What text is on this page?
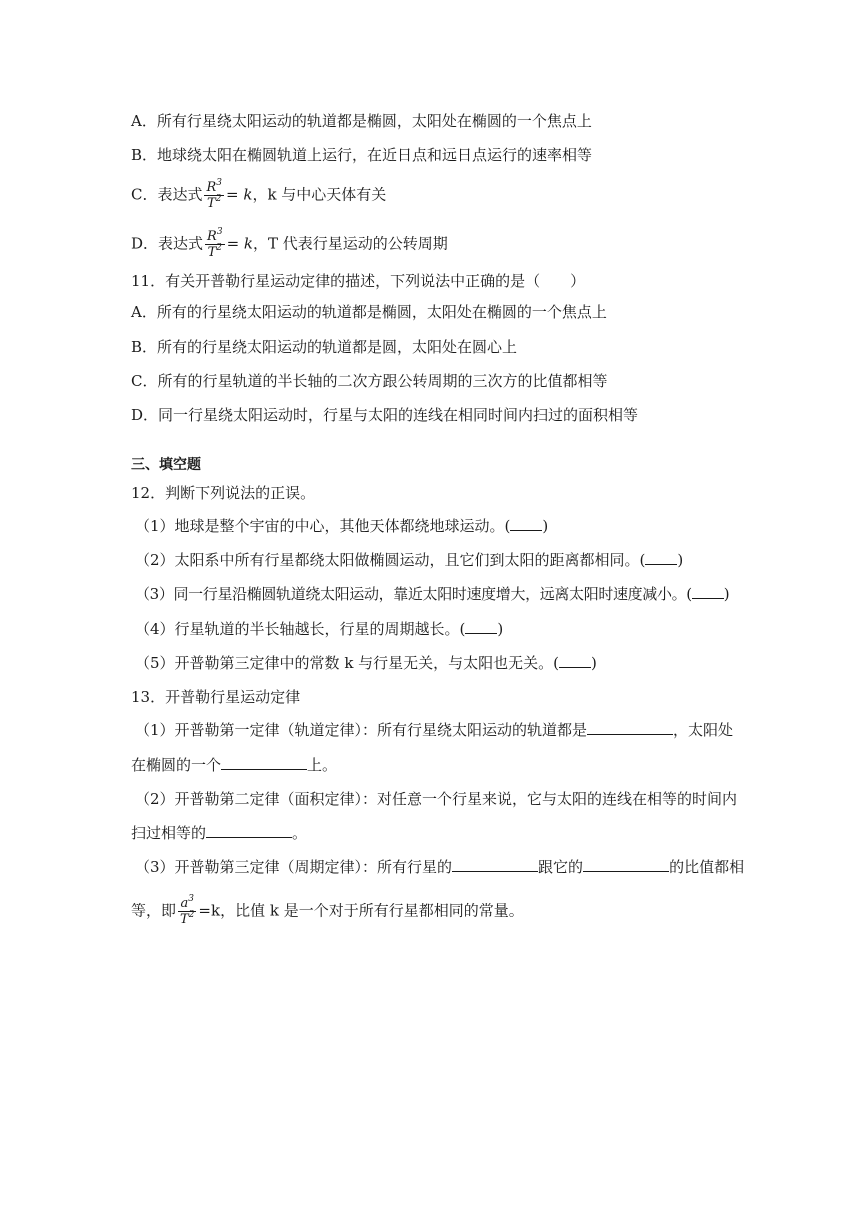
A．所有行星绕太阳运动的轨道都是椭圆，太阳处在椭圆的一个焦点上
B．地球绕太阳在椭圆轨道上运行，在近日点和远日点运行的速率相等
C．表达式 $\frac{R^3}{T^2} = k$，k 与中心天体有关
D．表达式 $\frac{R^3}{T^2} = k$，T 代表行星运动的公转周期
11．有关开普勒行星运动定律的描述，下列说法中正确的是（　　）
A．所有的行星绕太阳运动的轨道都是椭圆，太阳处在椭圆的一个焦点上
B．所有的行星绕太阳运动的轨道都是圆，太阳处在圆心上
C．所有的行星轨道的半长轴的二次方跟公转周期的三次方的比值都相等
D．同一行星绕太阳运动时，行星与太阳的连线在相同时间内扫过的面积相等
三、填空题
12．判断下列说法的正误。
（1）地球是整个宇宙的中心，其他天体都绕地球运动。( )
（2）太阳系中所有行星都绕太阳做椭圆运动，且它们到太阳的距离都相同。( )
（3）同一行星沿椭圆轨道绕太阳运动，靠近太阳时速度增大，远离太阳时速度减小。( )
（4）行星轨道的半长轴越长，行星的周期越长。( )
（5）开普勒第三定律中的常数 k 与行星无关，与太阳也无关。( )
13．开普勒行星运动定律
（1）开普勒第一定律（轨道定律）：所有行星绕太阳运动的轨道都是	，太阳处
在椭圆的一个	上。
（2）开普勒第二定律（面积定律）：对任意一个行星来说，它与太阳的连线在相等的时间内
扫过相等的	。
（3）开普勒第三定律（周期定律）：所有行星的	跟它的	的比值都相
等，即 $\frac{a^3}{T^2} =k$，比值 k 是一个对于所有行星都相同的常量。
